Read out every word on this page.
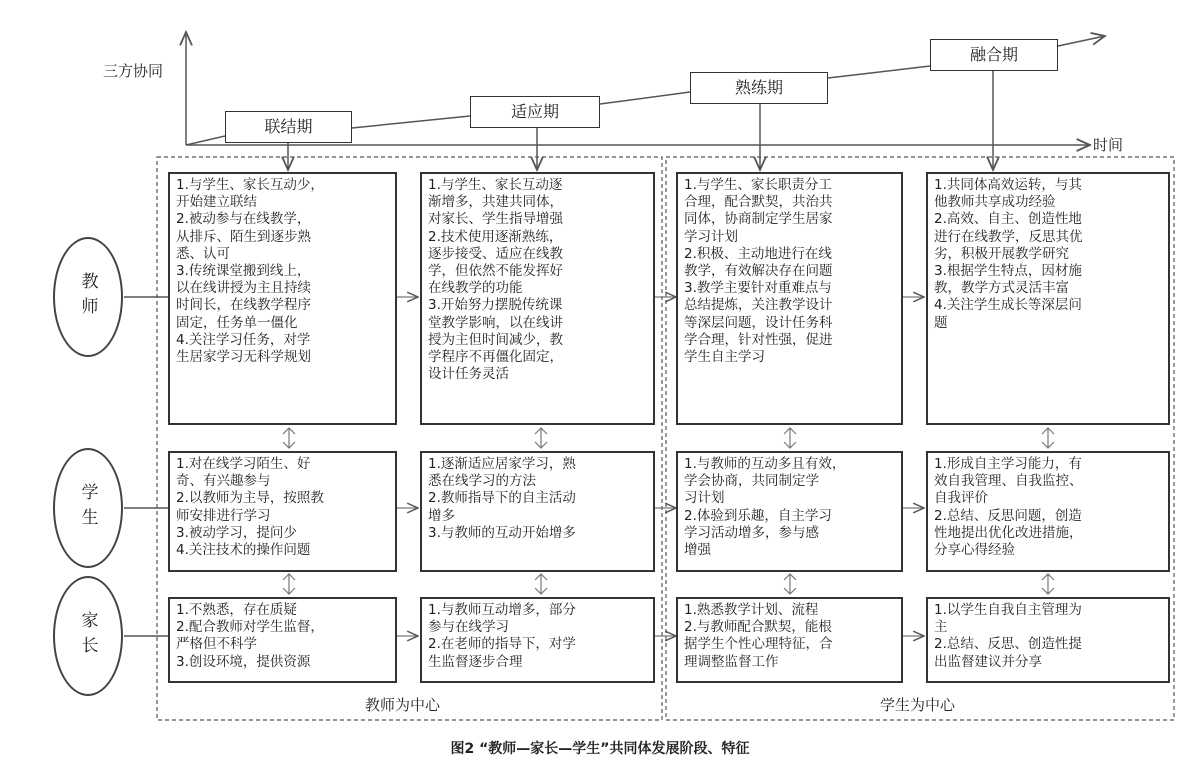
三方协同
时间
联结期
适应期
熟练期
融合期
教师
学生
家长
1.与学生、家长互动少，
开始建立联结
2.被动参与在线教学，
从排斥、陌生到逐步熟
悉、认可
3.传统课堂搬到线上，
以在线讲授为主且持续
时间长，在线教学程序
固定，任务单一僵化
4.关注学习任务，对学
生居家学习无科学规划
1.与学生、家长互动逐
渐增多，共建共同体，
对家长、学生指导增强
2.技术使用逐渐熟练，
逐步接受、适应在线教
学，但依然不能发挥好
在线教学的功能
3.开始努力摆脱传统课
堂教学影响，以在线讲
授为主但时间减少，教
学程序不再僵化固定，
设计任务灵活
1.与学生、家长职责分工
合理，配合默契，共治共
同体，协商制定学生居家
学习计划
2.积极、主动地进行在线
教学，有效解决存在问题
3.教学主要针对重难点与
总结提炼，关注教学设计
等深层问题，设计任务科
学合理，针对性强，促进
学生自主学习
1.共同体高效运转，与其
他教师共享成功经验
2.高效、自主、创造性地
进行在线教学，反思其优
劣，积极开展教学研究
3.根据学生特点，因材施
教，教学方式灵活丰富
4.关注学生成长等深层问
题
1.对在线学习陌生、好
奇、有兴趣参与
2.以教师为主导，按照教
师安排进行学习
3.被动学习，提问少
4.关注技术的操作问题
1.逐渐适应居家学习，熟
悉在线学习的方法
2.教师指导下的自主活动
增多
3.与教师的互动开始增多
1.与教师的互动多且有效，
学会协商，共同制定学
习计划
2.体验到乐趣，自主学习
学习活动增多，参与感
增强
1.形成自主学习能力，有
效自我管理、自我监控、
自我评价
2.总结、反思问题，创造
性地提出优化改进措施，
分享心得经验
1.不熟悉，存在质疑
2.配合教师对学生监督，
严格但不科学
3.创设环境，提供资源
1.与教师互动增多，部分
参与在线学习
2.在老师的指导下，对学
生监督逐步合理
1.熟悉教学计划、流程
2.与教师配合默契，能根
据学生个性心理特征，合
理调整监督工作
1.以学生自我自主管理为
主
2.总结、反思、创造性提
出监督建议并分享
教师为中心	学生为中心
图2 “教师—家长—学生”共同体发展阶段、特征
